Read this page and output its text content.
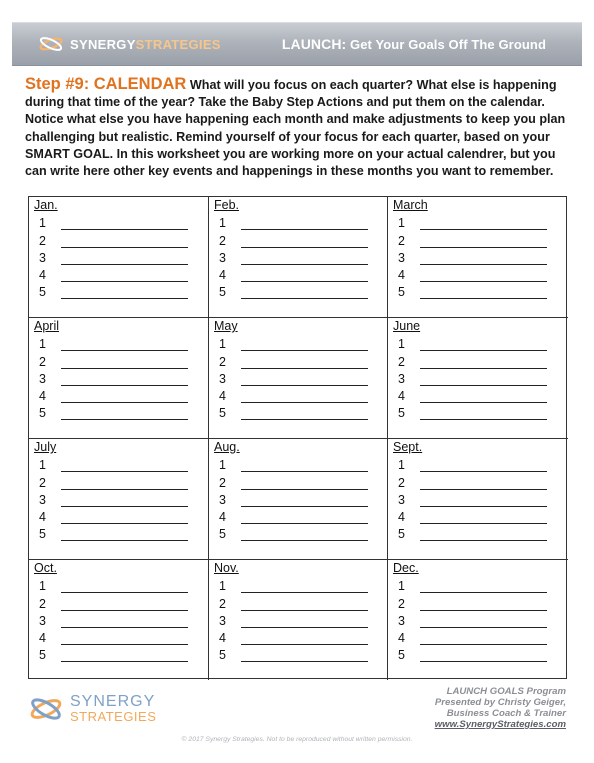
SYNERGYSTRATEGIES	LAUNCH: Get Your Goals Off The Ground
Step #9: CALENDAR What will you focus on each quarter? What else is happening during that time of the year? Take the Baby Step Actions and put them on the calendar. Notice what else you have happening each month and make adjustments to keep you plan challenging but realistic. Remind yourself of your focus for each quarter, based on your SMART GOAL. In this worksheet you are working more on your actual calendrer, but you can write here other key events and happenings in these months you want to remember.
Jan.
1
2
3
4
5
Feb.
1
2
3
4
5
March
1
2
3
4
5
April
1
2
3
4
5
May
1
2
3
4
5
June
1
2
3
4
5
July
1
2
3
4
5
Aug.
1
2
3
4
5
Sept.
1
2
3
4
5
Oct.
1
2
3
4
5
Nov.
1
2
3
4
5
Dec.
1
2
3
4
5
SYNERGY
STRATEGIES
LAUNCH GOALS Program
Presented by Christy Geiger,
Business Coach & Trainer
www.SynergyStrategies.com
© 2017 Synergy Strategies. Not to be reproduced without written permission.
